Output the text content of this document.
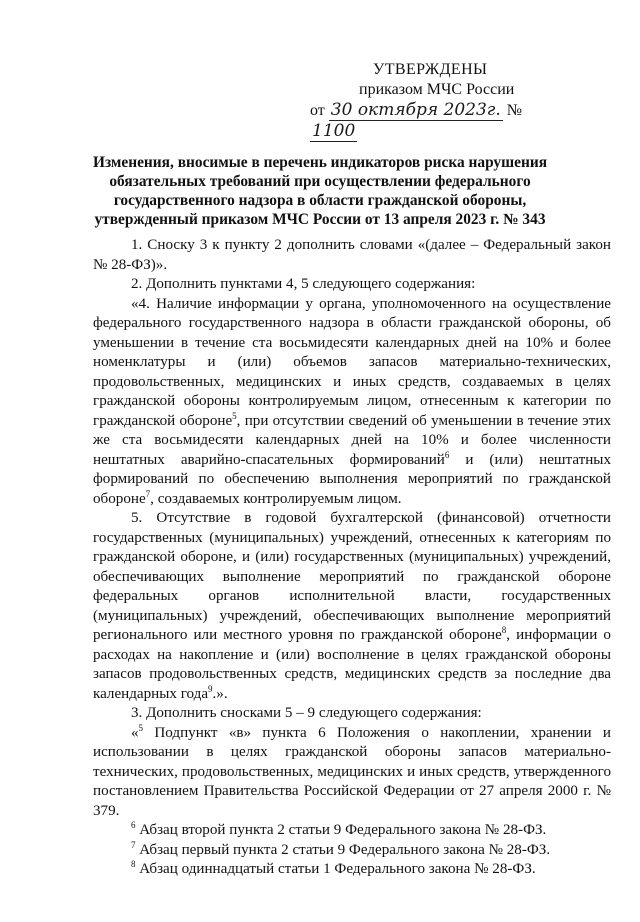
УТВЕРЖДЕНЫ
приказом МЧС России
от 30 октября 2023г. № 1100
Изменения, вносимые в перечень индикаторов риска нарушения обязательных требований при осуществлении федерального государственного надзора в области гражданской обороны, утвержденный приказом МЧС России от 13 апреля 2023 г. № 343

1. Сноску 3 к пункту 2 дополнить словами «(далее – Федеральный закон № 28-ФЗ)».

2. Дополнить пунктами 4, 5 следующего содержания:

«4. Наличие информации у органа, уполномоченного на осуществление федерального государственного надзора в области гражданской обороны, об уменьшении в течение ста восьмидесяти календарных дней на 10% и более номенклатуры и (или) объемов запасов материально-технических, продовольственных, медицинских и иных средств, создаваемых в целях гражданской обороны контролируемым лицом, отнесенным к категории по гражданской обороне$^5$, при отсутствии сведений об уменьшении в течение этих же ста восьмидесяти календарных дней на 10% и более численности нештатных аварийно-спасательных формирований$^6$ и (или) нештатных формирований по обеспечению выполнения мероприятий по гражданской обороне$^7$, создаваемых контролируемым лицом.

5. Отсутствие в годовой бухгалтерской (финансовой) отчетности государственных (муниципальных) учреждений, отнесенных к категориям по гражданской обороне, и (или) государственных (муниципальных) учреждений, обеспечивающих выполнение мероприятий по гражданской обороне федеральных органов исполнительной власти, государственных (муниципальных) учреждений, обеспечивающих выполнение мероприятий регионального или местного уровня по гражданской обороне$^8$, информации о расходах на накопление и (или) восполнение в целях гражданской обороны запасов продовольственных средств, медицинских средств за последние два календарных года$^9$.».

3. Дополнить сносками 5 – 9 следующего содержания:

«$^5$ Подпункт «в» пункта 6 Положения о накоплении, хранении и использовании в целях гражданской обороны запасов материально-технических, продовольственных, медицинских и иных средств, утвержденного постановлением Правительства Российской Федерации от 27 апреля 2000 г. № 379.

$^6$ Абзац второй пункта 2 статьи 9 Федерального закона № 28-ФЗ.

$^7$ Абзац первый пункта 2 статьи 9 Федерального закона № 28-ФЗ.

$^8$ Абзац одиннадцатый статьи 1 Федерального закона № 28-ФЗ.
